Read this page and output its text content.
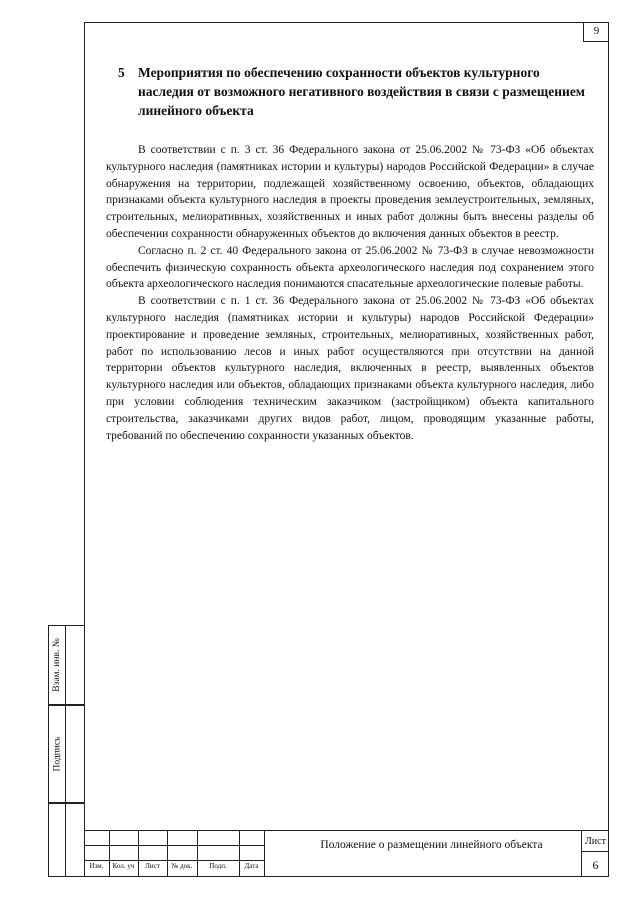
9
5 Мероприятия по обеспечению сохранности объектов культурного наследия от возможного негативного воздействия в связи с размещением линейного объекта

В соответствии с п. 3 ст. 36 Федерального закона от 25.06.2002 № 73-ФЗ «Об объектах культурного наследия (памятниках истории и культуры) народов Российской Федерации» в случае обнаружения на территории, подлежащей хозяйственному освоению, объектов, обладающих признаками объекта культурного наследия в проекты проведения землеустроительных, земляных, строительных, мелиоративных, хозяйственных и иных работ должны быть внесены разделы об обеспечении сохранности обнаруженных объектов до включения данных объектов в реестр.

Согласно п. 2 ст. 40 Федерального закона от 25.06.2002 № 73-ФЗ в случае невозможности обеспечить физическую сохранность объекта археологического наследия под сохранением этого объекта археологического наследия понимаются спасательные археологические полевые работы.

В соответствии с п. 1 ст. 36 Федерального закона от 25.06.2002 № 73-ФЗ «Об объектах культурного наследия (памятниках истории и культуры) народов Российской Федерации» проектирование и проведение земляных, строительных, мелиоративных, хозяйственных работ, работ по использованию лесов и иных работ осуществляются при отсутствии на данной территории объектов культурного наследия, включенных в реестр, выявленных объектов культурного наследия или объектов, обладающих признаками объекта культурного наследия, либо при условии соблюдения техническим заказчиком (застройщиком) объекта капитального строительства, заказчиками других видов работ, лицом, проводящим указанные работы, требований по обеспечению сохранности указанных объектов.

Взам. инв. №
Подпись
Изм.	Кол. уч	Лист	№ док.	Подп.	Дата
Положение о размещении линейного объекта	Лист
6
